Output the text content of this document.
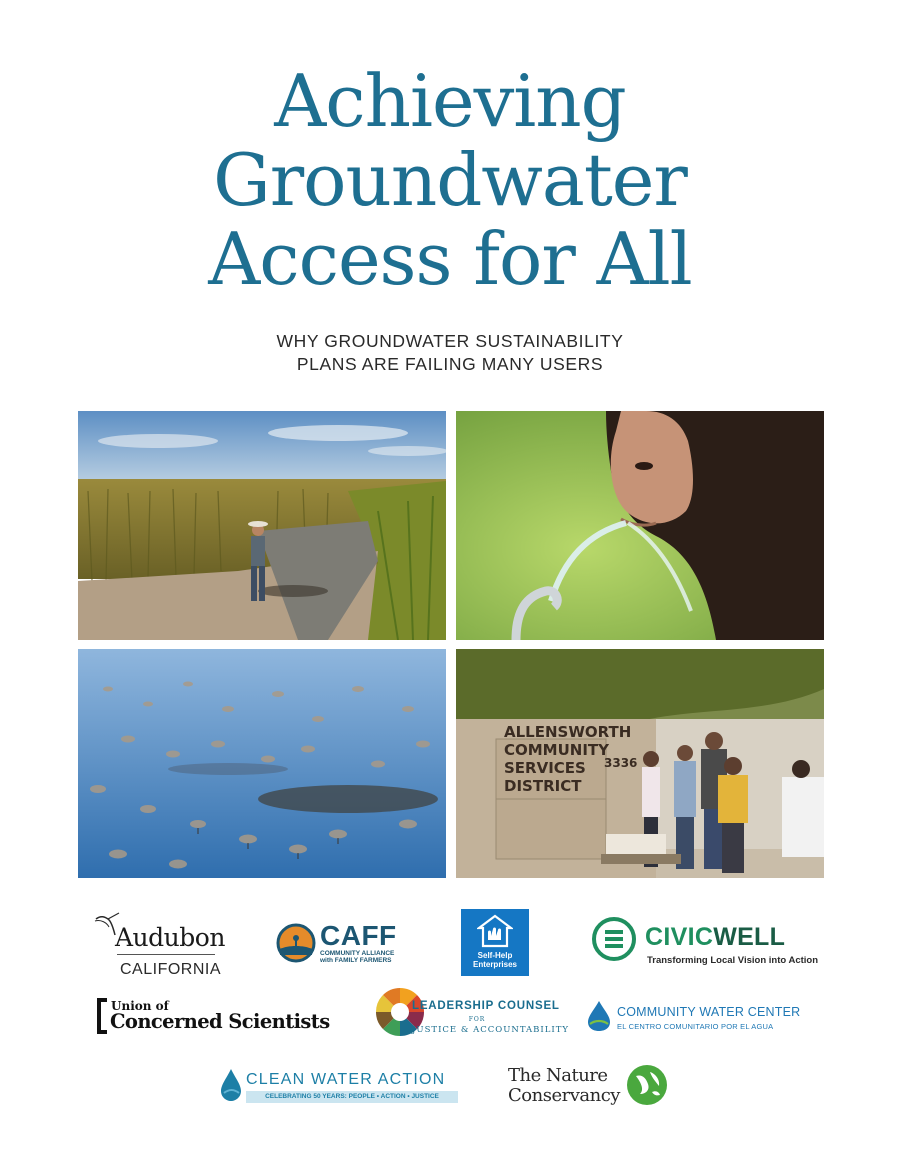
Achieving
Groundwater
Access for All
WHY GROUNDWATER SUSTAINABILITY
PLANS ARE FAILING MANY USERS
ALLENSWORTH
COMMUNITY
SERVICES
DISTRICT
3336
Audubon
CALIFORNIA
CAFF
COMMUNITY ALLIANCE
with FAMILY FARMERS
Self-Help
Enterprises
CIVICWELL
Transforming Local Vision into Action
Union of
Concerned Scientists
LEADERSHIP COUNSEL
FOR
JUSTICE & ACCOUNTABILITY
COMMUNITY WATER CENTER
EL CENTRO COMUNITARIO POR EL AGUA
CLEAN WATER ACTION
CELEBRATING 50 YEARS: PEOPLE • ACTION • JUSTICE
The Nature
Conservancy
